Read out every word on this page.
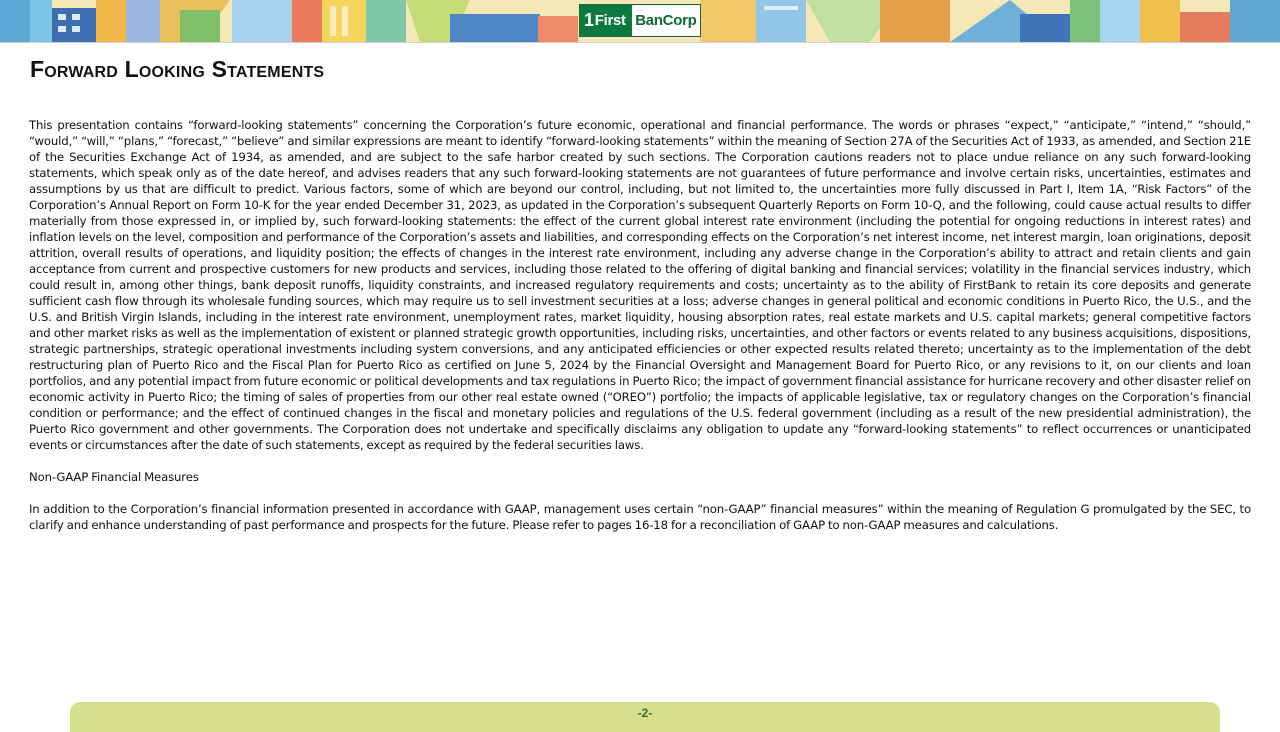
1 First BanCorp
Forward Looking Statements

This presentation contains “forward-looking statements” concerning the Corporation’s future economic, operational and financial performance. The words or phrases “expect,” “anticipate,” “intend,” “should,” “would,” “will,” “plans,” “forecast,” “believe” and similar expressions are meant to identify “forward-looking statements” within the meaning of Section 27A of the Securities Act of 1933, as amended, and Section 21E of the Securities Exchange Act of 1934, as amended, and are subject to the safe harbor created by such sections. The Corporation cautions readers not to place undue reliance on any such forward-looking statements, which speak only as of the date hereof, and advises readers that any such forward-looking statements are not guarantees of future performance and involve certain risks, uncertainties, estimates and assumptions by us that are difficult to predict. Various factors, some of which are beyond our control, including, but not limited to, the uncertainties more fully discussed in Part I, Item 1A, “Risk Factors” of the Corporation’s Annual Report on Form 10-K for the year ended December 31, 2023, as updated in the Corporation’s subsequent Quarterly Reports on Form 10-Q, and the following, could cause actual results to differ materially from those expressed in, or implied by, such forward-looking statements: the effect of the current global interest rate environment (including the potential for ongoing reductions in interest rates) and inflation levels on the level, composition and performance of the Corporation’s assets and liabilities, and corresponding effects on the Corporation’s net interest income, net interest margin, loan originations, deposit attrition, overall results of operations, and liquidity position; the effects of changes in the interest rate environment, including any adverse change in the Corporation’s ability to attract and retain clients and gain acceptance from current and prospective customers for new products and services, including those related to the offering of digital banking and financial services; volatility in the financial services industry, which could result in, among other things, bank deposit runoffs, liquidity constraints, and increased regulatory requirements and costs; uncertainty as to the ability of FirstBank to retain its core deposits and generate sufficient cash flow through its wholesale funding sources, which may require us to sell investment securities at a loss; adverse changes in general political and economic conditions in Puerto Rico, the U.S., and the U.S. and British Virgin Islands, including in the interest rate environment, unemployment rates, market liquidity, housing absorption rates, real estate markets and U.S. capital markets; general competitive factors and other market risks as well as the implementation of existent or planned strategic growth opportunities, including risks, uncertainties, and other factors or events related to any business acquisitions, dispositions, strategic partnerships, strategic operational investments including system conversions, and any anticipated efficiencies or other expected results related thereto; uncertainty as to the implementation of the debt restructuring plan of Puerto Rico and the Fiscal Plan for Puerto Rico as certified on June 5, 2024 by the Financial Oversight and Management Board for Puerto Rico, or any revisions to it, on our clients and loan portfolios, and any potential impact from future economic or political developments and tax regulations in Puerto Rico; the impact of government financial assistance for hurricane recovery and other disaster relief on economic activity in Puerto Rico; the timing of sales of properties from our other real estate owned (“OREO”) portfolio; the impacts of applicable legislative, tax or regulatory changes on the Corporation’s financial condition or performance; and the effect of continued changes in the fiscal and monetary policies and regulations of the U.S. federal government (including as a result of the new presidential administration), the Puerto Rico government and other governments. The Corporation does not undertake and specifically disclaims any obligation to update any “forward-looking statements” to reflect occurrences or unanticipated events or circumstances after the date of such statements, except as required by the federal securities laws.

Non-GAAP Financial Measures

In addition to the Corporation’s financial information presented in accordance with GAAP, management uses certain “non-GAAP” financial measures” within the meaning of Regulation G promulgated by the SEC, to clarify and enhance understanding of past performance and prospects for the future. Please refer to pages 16-18 for a reconciliation of GAAP to non-GAAP measures and calculations.

-2-
